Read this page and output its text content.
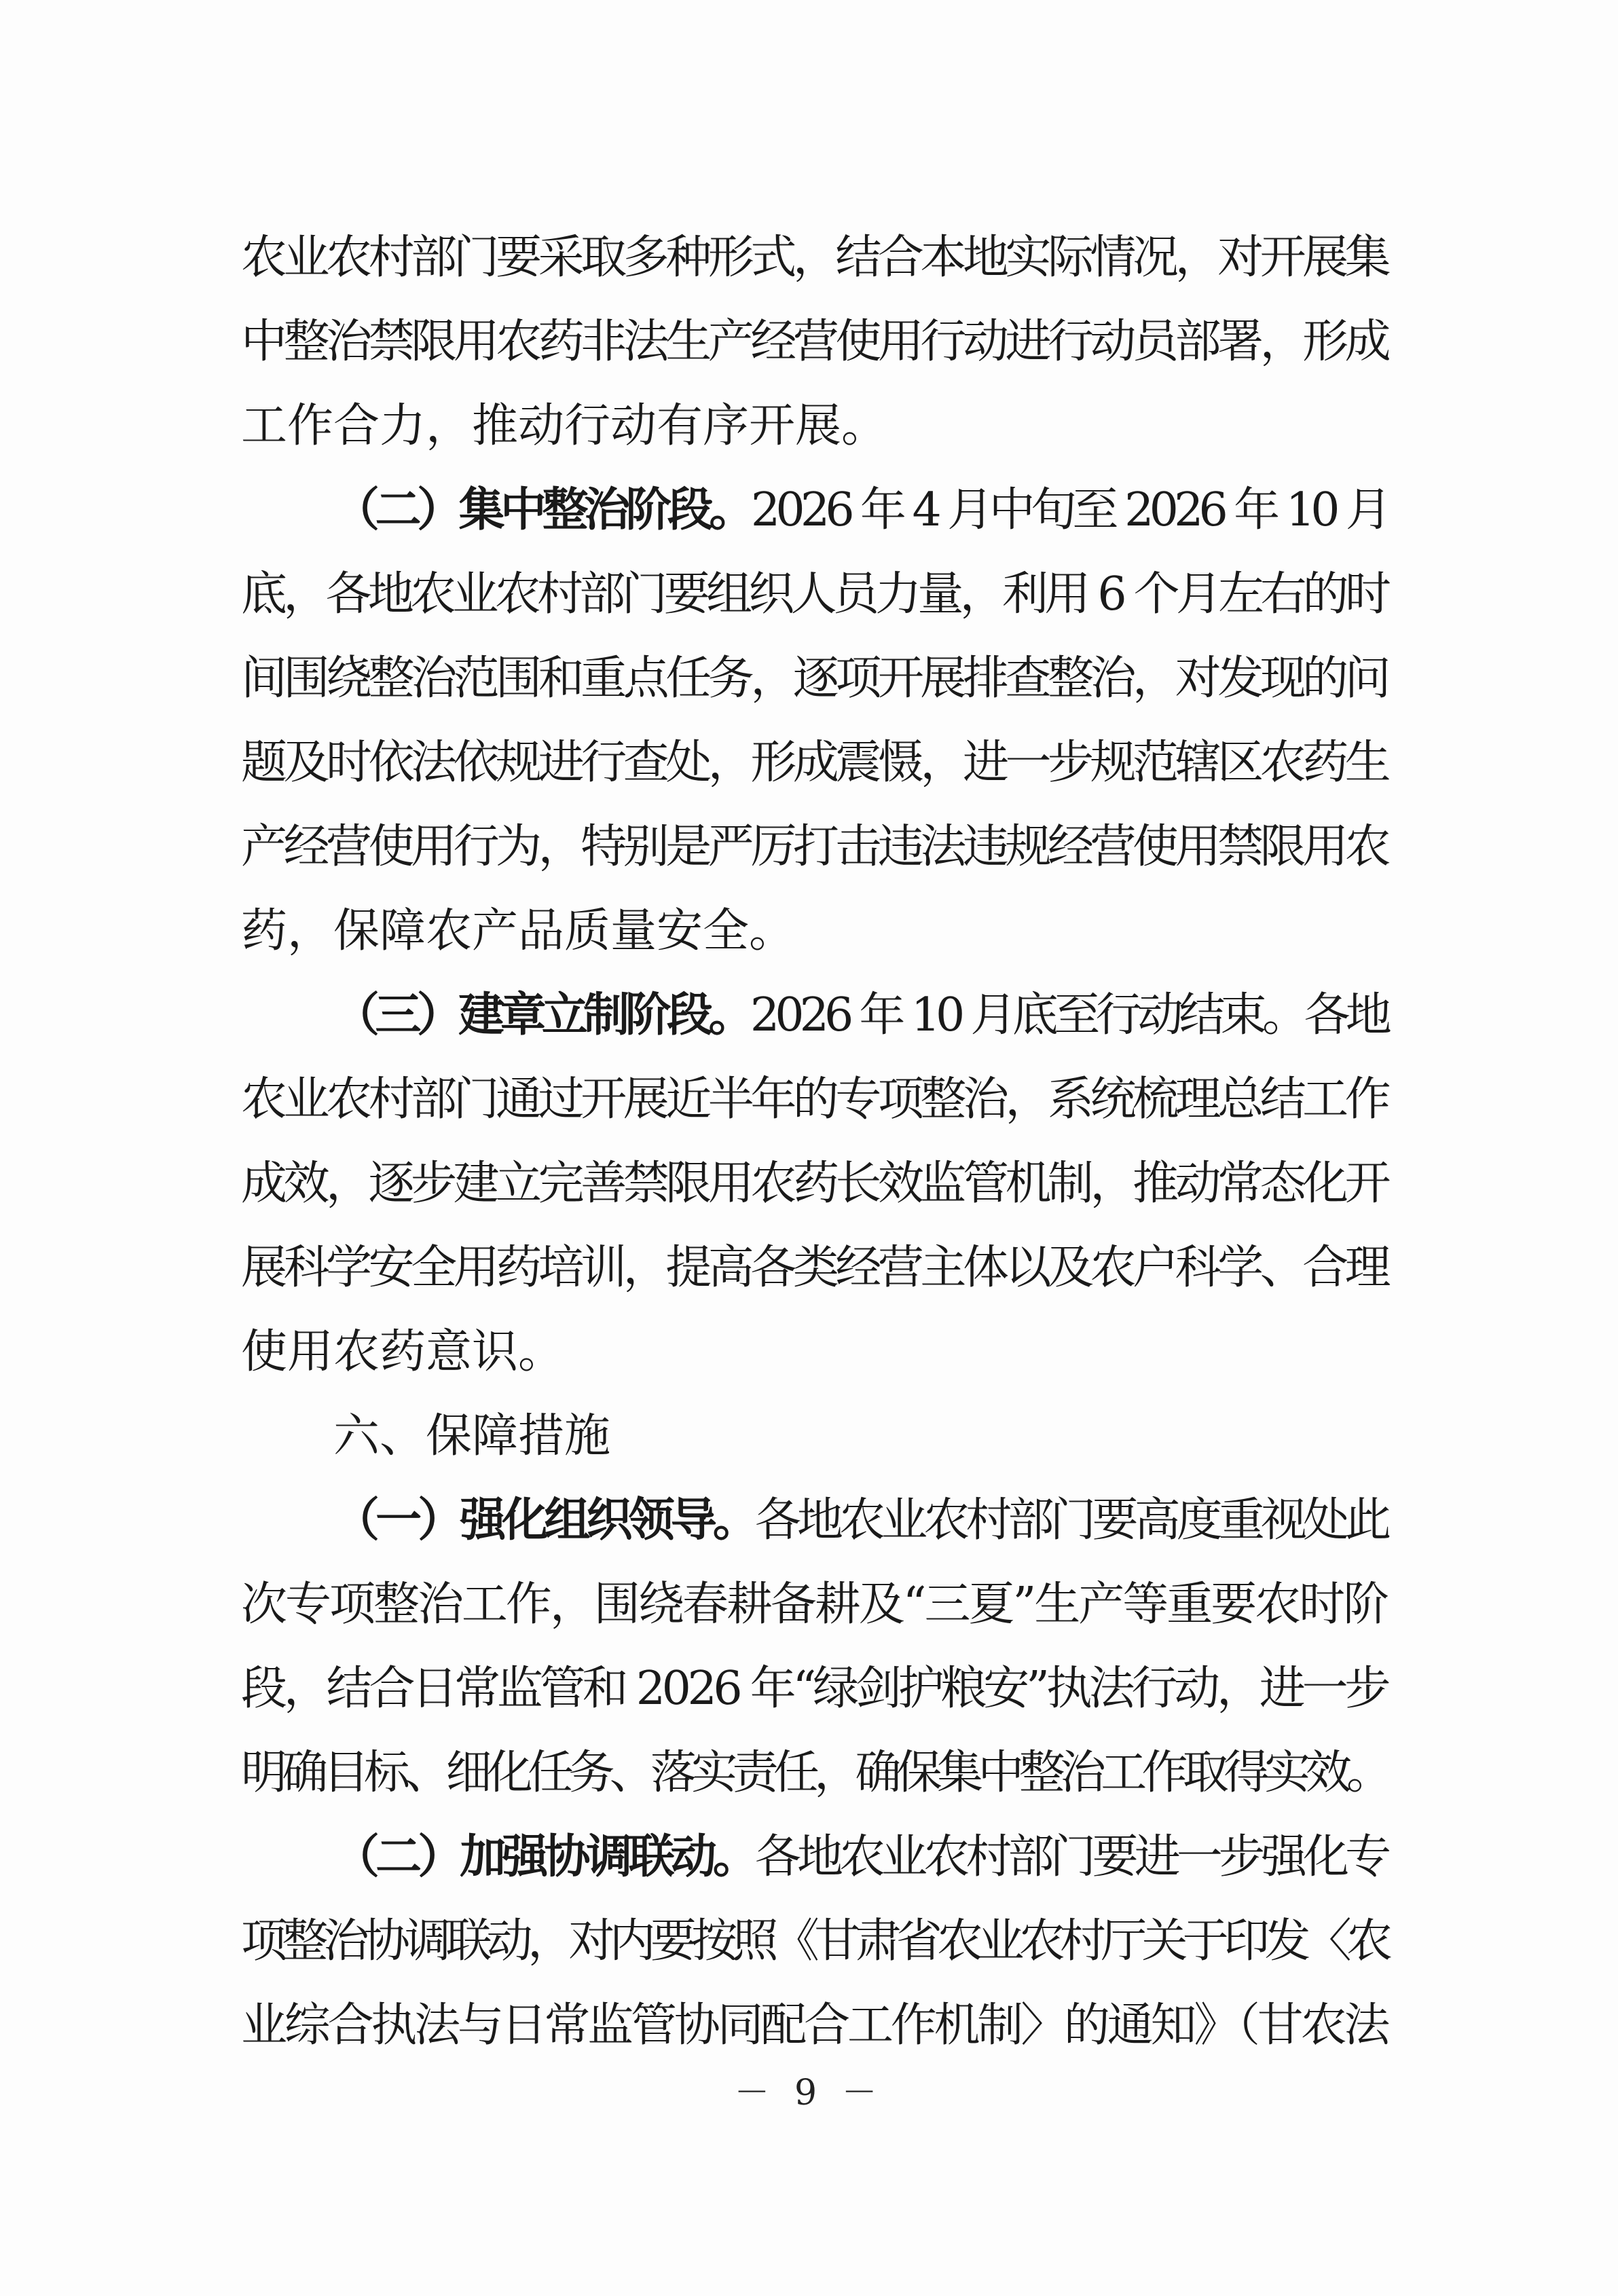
农业农村部门要采取多种形式，结合本地实际情况，对开展集
中整治禁限用农药非法生产经营使用行动进行动员部署，形成
工作合力，推动行动有序开展。
（二）集中整治阶段。2026 年 4 月中旬至 2026 年 10 月
底，各地农业农村部门要组织人员力量，利用 6 个月左右的时
间围绕整治范围和重点任务，逐项开展排查整治，对发现的问
题及时依法依规进行查处，形成震慑，进一步规范辖区农药生
产经营使用行为，特别是严厉打击违法违规经营使用禁限用农
药，保障农产品质量安全。
（三）建章立制阶段。2026 年 10 月底至行动结束。各地
农业农村部门通过开展近半年的专项整治，系统梳理总结工作
成效，逐步建立完善禁限用农药长效监管机制，推动常态化开
展科学安全用药培训，提高各类经营主体以及农户科学、合理
使用农药意识。
六、保障措施
（一）强化组织领导。各地农业农村部门要高度重视处此
次专项整治工作，围绕春耕备耕及“三夏”生产等重要农时阶
段，结合日常监管和 2026 年“绿剑护粮安”执法行动，进一步
明确目标、细化任务、落实责任，确保集中整治工作取得实效。
（二）加强协调联动。各地农业农村部门要进一步强化专
项整治协调联动，对内要按照《甘肃省农业农村厅关于印发〈农
业综合执法与日常监管协同配合工作机制〉的通知》（甘农法
－ 9 －
